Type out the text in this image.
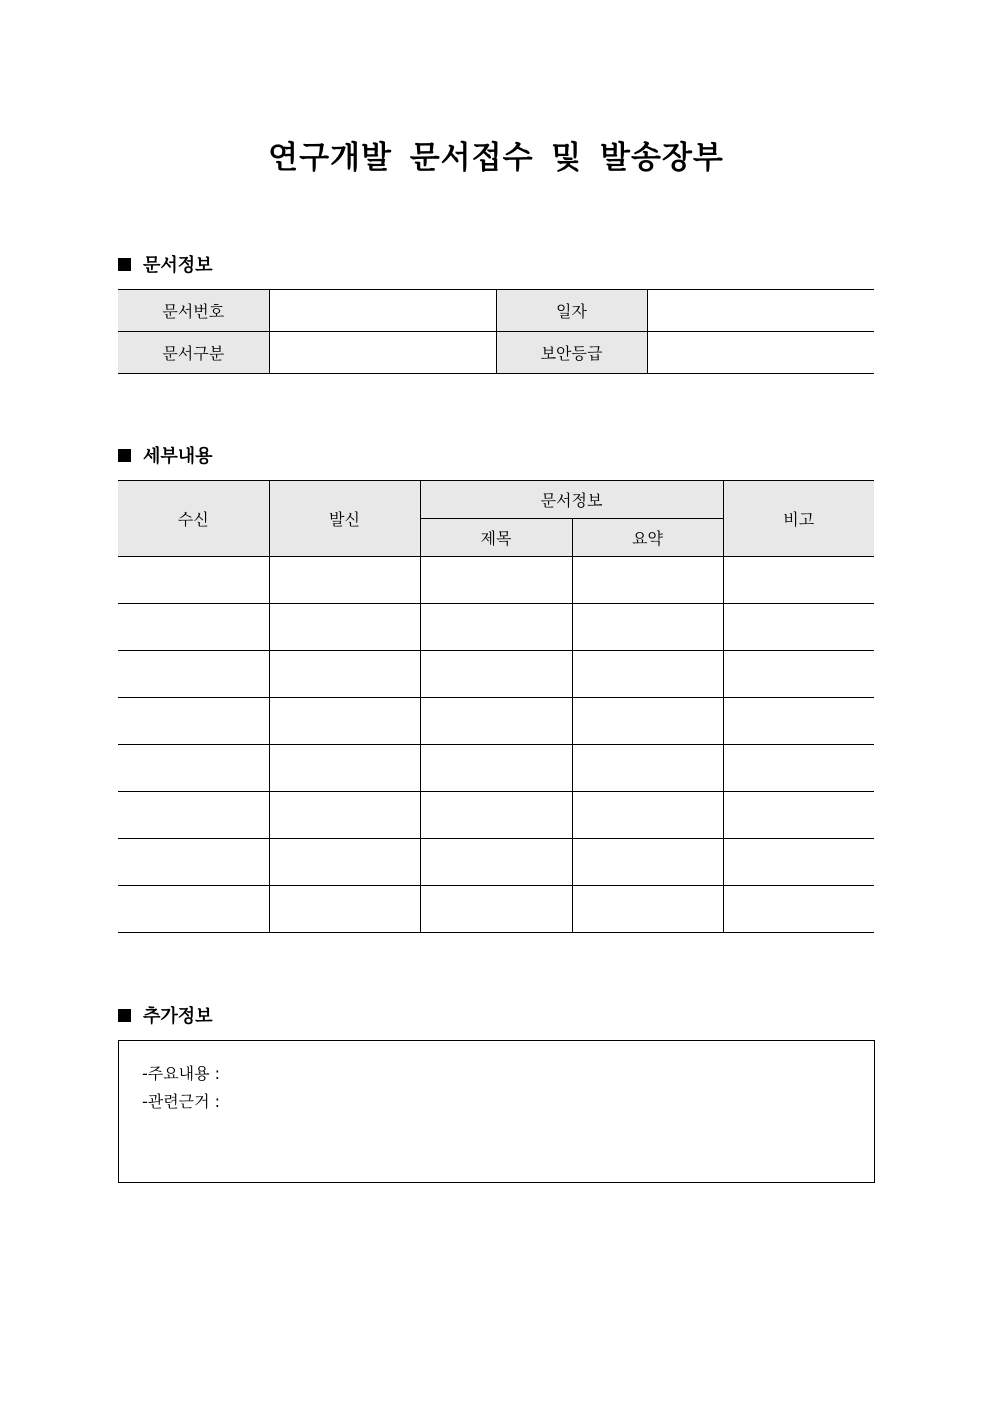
연구개발 문서접수 및 발송장부
문서정보
문서번호		일자	
문서구분		보안등급	
세부내용
수신	발신	문서정보		비고
		제목	요약	

추가정보
-주요내용 :
-관련근거 :
